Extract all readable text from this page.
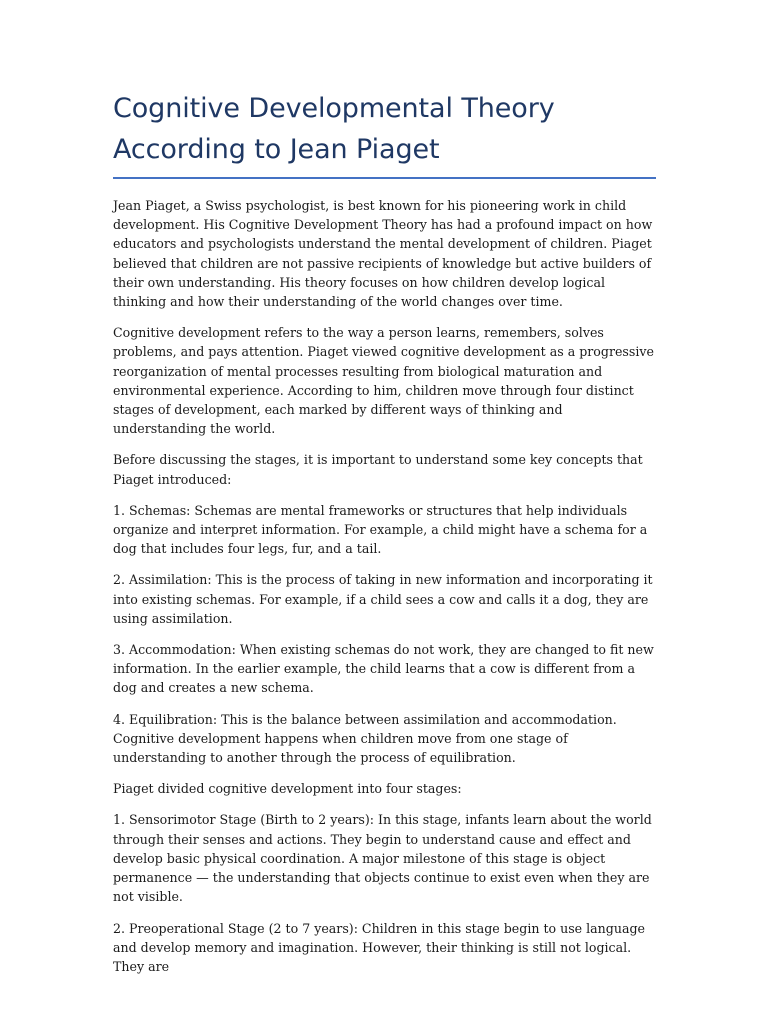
Cognitive Developmental Theory
According to Jean Piaget

Jean Piaget, a Swiss psychologist, is best known for his pioneering work in child development. His Cognitive Development Theory has had a profound impact on how educators and psychologists understand the mental development of children. Piaget believed that children are not passive recipients of knowledge but active builders of their own understanding. His theory focuses on how children develop logical thinking and how their understanding of the world changes over time.

Cognitive development refers to the way a person learns, remembers, solves problems, and pays attention. Piaget viewed cognitive development as a progressive reorganization of mental processes resulting from biological maturation and environmental experience. According to him, children move through four distinct stages of development, each marked by different ways of thinking and understanding the world.

Before discussing the stages, it is important to understand some key concepts that Piaget introduced:

1. Schemas: Schemas are mental frameworks or structures that help individuals organize and interpret information. For example, a child might have a schema for a dog that includes four legs, fur, and a tail.

2. Assimilation: This is the process of taking in new information and incorporating it into existing schemas. For example, if a child sees a cow and calls it a dog, they are using assimilation.

3. Accommodation: When existing schemas do not work, they are changed to fit new information. In the earlier example, the child learns that a cow is different from a dog and creates a new schema.

4. Equilibration: This is the balance between assimilation and accommodation. Cognitive development happens when children move from one stage of understanding to another through the process of equilibration.

Piaget divided cognitive development into four stages:

1. Sensorimotor Stage (Birth to 2 years): In this stage, infants learn about the world through their senses and actions. They begin to understand cause and effect and develop basic physical coordination. A major milestone of this stage is object permanence — the understanding that objects continue to exist even when they are not visible.

2. Preoperational Stage (2 to 7 years): Children in this stage begin to use language and develop memory and imagination. However, their thinking is still not logical. They are
